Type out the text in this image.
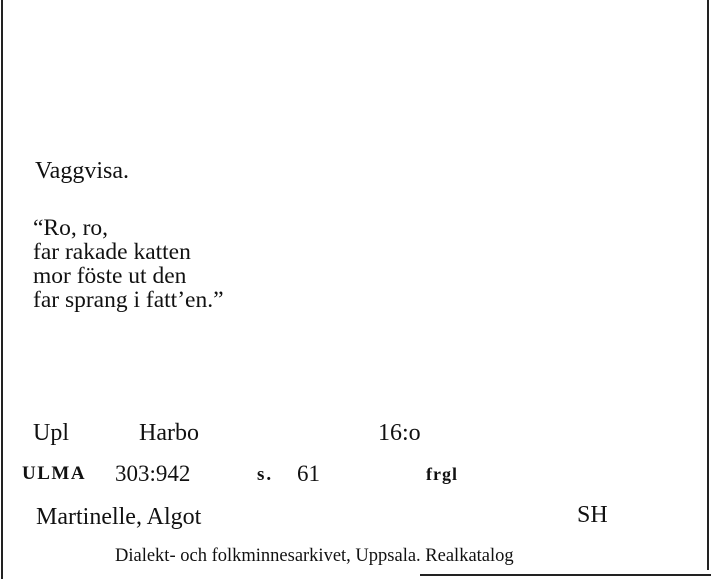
Vaggvisa.
“Ro, ro,
far rakade katten
mor föste ut den
far sprang i fatt’en.”
Upl	Harbo	16:o
ULMA 303:942	s. 61	frgl
Martinelle, Algot	SH
Dialekt- och folkminnesarkivet, Uppsala. Realkatalog
